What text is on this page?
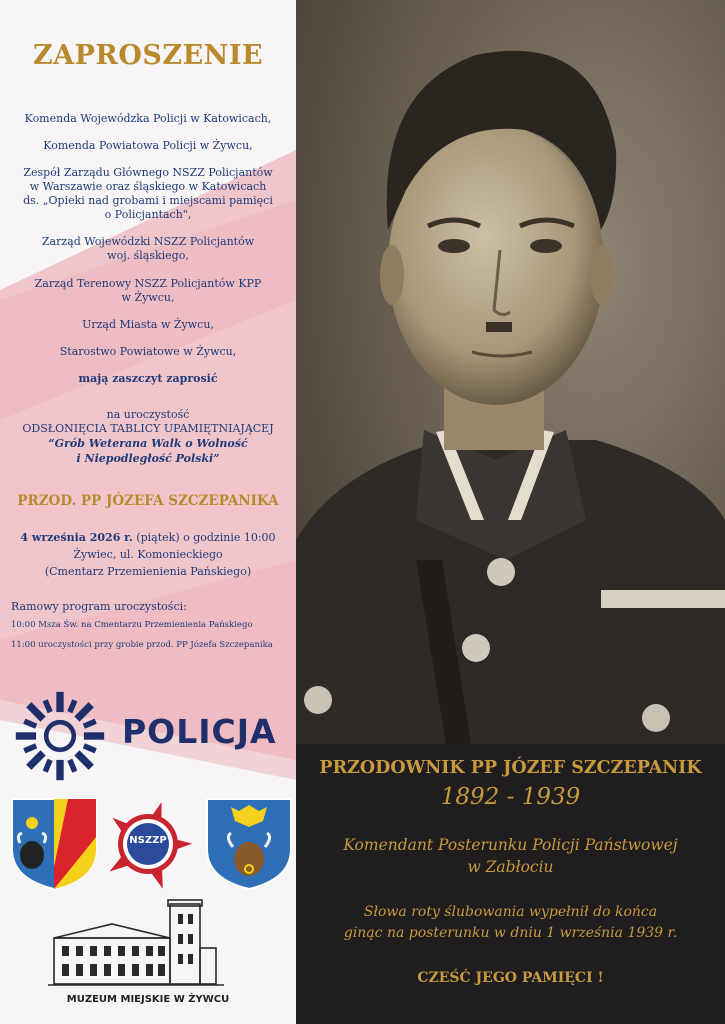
ZAPROSZENIE
Komenda Wojewódzka Policji w Katowicach,
Komenda Powiatowa Policji w Żywcu,
Zespół Zarządu Głównego NSZZ Policjantów
w Warszawie oraz śląskiego w Katowicach
ds. „Opieki nad grobami i miejscami pamięci
o Policjantach",
Zarząd Wojewódzki NSZZ Policjantów
woj. śląskiego,
Zarząd Terenowy NSZZ Policjantów KPP
w Żywcu,
Urząd Miasta w Żywcu,
Starostwo Powiatowe w Żywcu,
mają zaszczyt zaprosić
na uroczystość
ODSŁONIĘCIA TABLICY UPAMIĘTNIAJĄCEJ
“Grób Weterana Walk o Wolność
i Niepodległość Polski”
PRZOD. PP JÓZEFA SZCZEPANIKA
4 września 2026 r. (piątek) o godzinie 10:00
Żywiec, ul. Komonieckiego
(Cmentarz Przemienienia Pańskiego)
Ramowy program uroczystości:
10:00 Msza Św. na Cmentarzu Przemienienia Pańskiego
11:00 uroczystości przy grobie przod. PP Józefa Szczepanika
POLICJA
NSZZP
MUZEUM MIEJSKIE W ŻYWCU
PRZODOWNIK PP JÓZEF SZCZEPANIK
1892 - 1939
Komendant Posterunku Policji Państwowej
w Zabłociu
Słowa roty ślubowania wypełnił do końca
ginąc na posterunku w dniu 1 września 1939 r.
CZEŚĆ JEGO PAMIĘCI !
